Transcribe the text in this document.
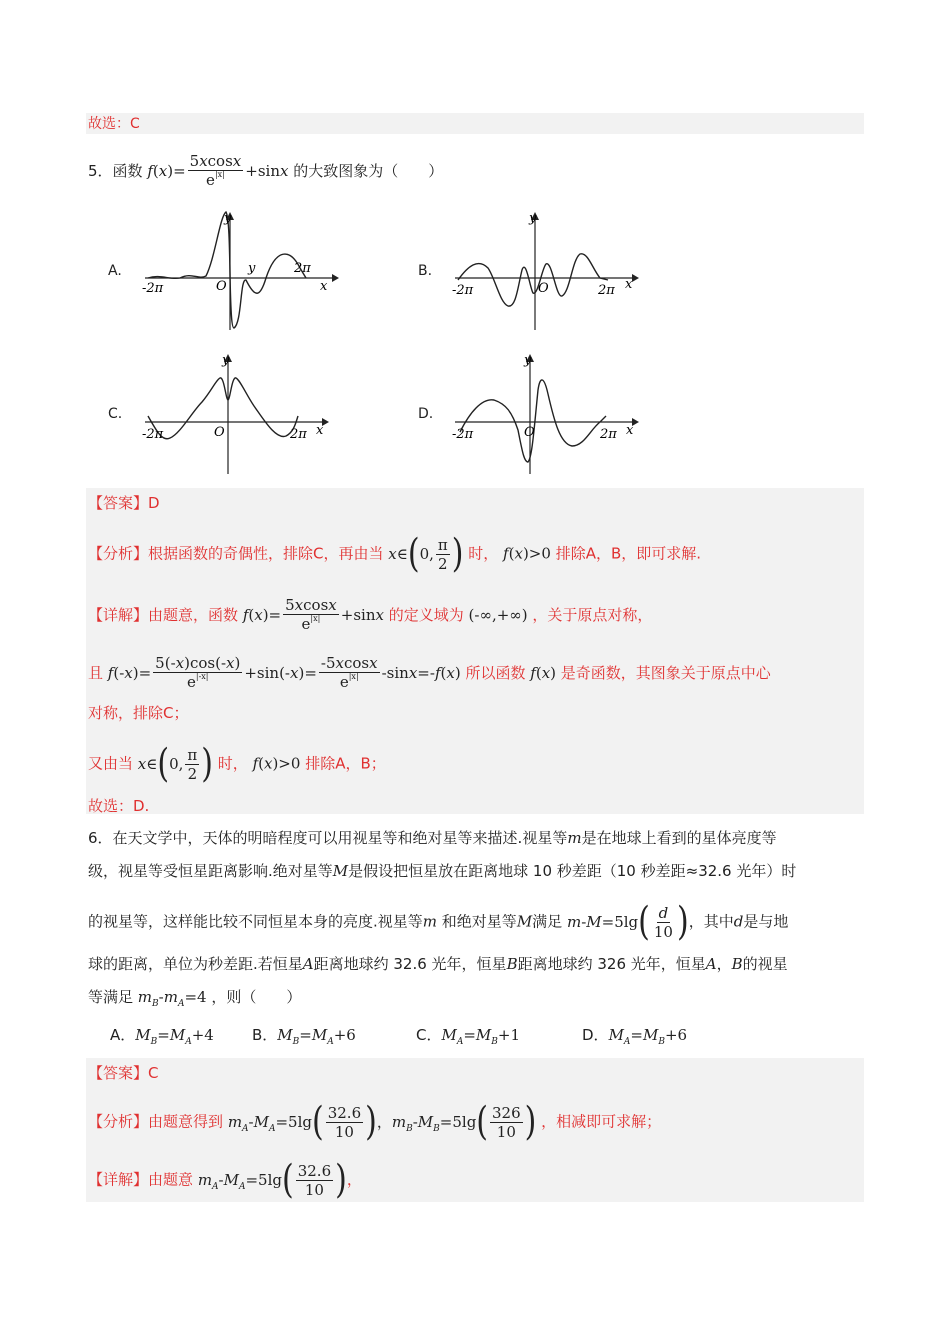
故选：C
5．函数 $f(x)= \frac{5xcosx}{e^{|x|}} +\sin x$ 的大致图象为（　　）
A.	B.
C.	D.
y
y
x
O
-2π
2π
y
x
O
-2π	2π
y
x
O
-2π	2π
y
x
O
-2π	2π
【答案】D
【分析】根据函数的奇偶性，排除C，再由当 x∈(0, $\frac{\pi}{2}$ ) 时， f(x)>0 排除A，B，即可求解.
【详解】由题意，函数 $f(x)= \frac{5xcosx}{e^{|x|}} +\sin x$ 的定义域为 (-∞,+∞) ，关于原点对称，
且 $f(-x)= \frac{5(-x)\cos(-x)}{e^{|-x|}} +\sin(-x)= \frac{-5xcosx}{e^{|x|}} -\sin x=-f(x)$ 所以函数 f(x) 是奇函数，其图象关于原点中心
对称，排除C；
又由当 x∈(0, $\frac{\pi}{2}$ ) 时， f(x)>0 排除A，B；
故选：D.
6．在天文学中，天体的明暗程度可以用视星等和绝对星等来描述.视星等m是在地球上看到的星体亮度等
级，视星等受恒星距离影响.绝对星等M是假设把恒星放在距离地球 10 秒差距（10 秒差距≈32.6 光年）时
的视星等，这样能比较不同恒星本身的亮度.视星等m 和绝对星等M满足 $m-M=5\lg( \frac{d}{10}$ )，其中d是与地
球的距离，单位为秒差距.若恒星A距离地球约 32.6 光年，恒星B距离地球约 326 光年，恒星A，B的视星
等满足 $m_B-m_A=4$ ，则（　　）
A．$M_B=M_A+4$	B．$M_B=M_A+6$	C．$M_A=M_B+1$	D．$M_A=M_B+6$
【答案】C
【分析】由题意得到 $m_A-M_A=5\lg( \frac{32.6}{10}$ )，$m_B-M_B=5\lg( \frac{326}{10}$ ) ，相减即可求解；
【详解】由题意 $m_A-M_A=5\lg( \frac{32.6}{10}$ )，
